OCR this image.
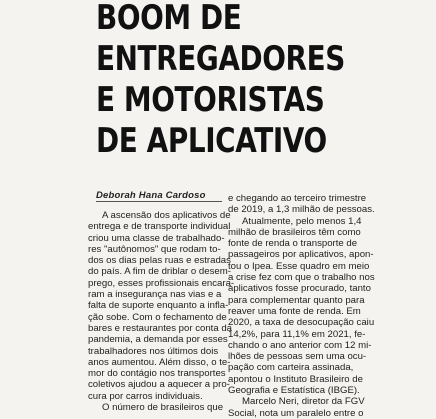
BOOM DE
ENTREGADORES
E MOTORISTAS
DE APLICATIVO
Deborah Hana Cardoso
A ascensão dos aplicativos de
entrega e de transporte individual
criou uma classe de trabalhado-
res "autônomos" que rodam to-
dos os dias pelas ruas e estradas
do país. A fim de driblar o desem-
prego, esses profissionais encara-
ram a insegurança nas vias e a
falta de suporte enquanto a infla-
ção sobe. Com o fechamento de
bares e restaurantes por conta da
pandemia, a demanda por esses
trabalhadores nos últimos dois
anos aumentou. Além disso, o te-
mor do contágio nos transportes
coletivos ajudou a aquecer a pro-
cura por carros individuais.
O número de brasileiros que
e chegando ao terceiro trimestre
de 2019, a 1,3 milhão de pessoas.
Atualmente, pelo menos 1,4
milhão de brasileiros têm como
fonte de renda o transporte de
passageiros por aplicativos, apon-
tou o Ipea. Esse quadro em meio
a crise fez com que o trabalho nos
aplicativos fosse procurado, tanto
para complementar quanto para
reaver uma fonte de renda. Em
2020, a taxa de desocupação caiu
14,2%, para 11,1% em 2021, fe-
chando o ano anterior com 12 mi-
lhões de pessoas sem uma ocu-
pação com carteira assinada,
apontou o Instituto Brasileiro de
Geografia e Estatística (IBGE).
Marcelo Neri, diretor da FGV
Social, nota um paralelo entre o
